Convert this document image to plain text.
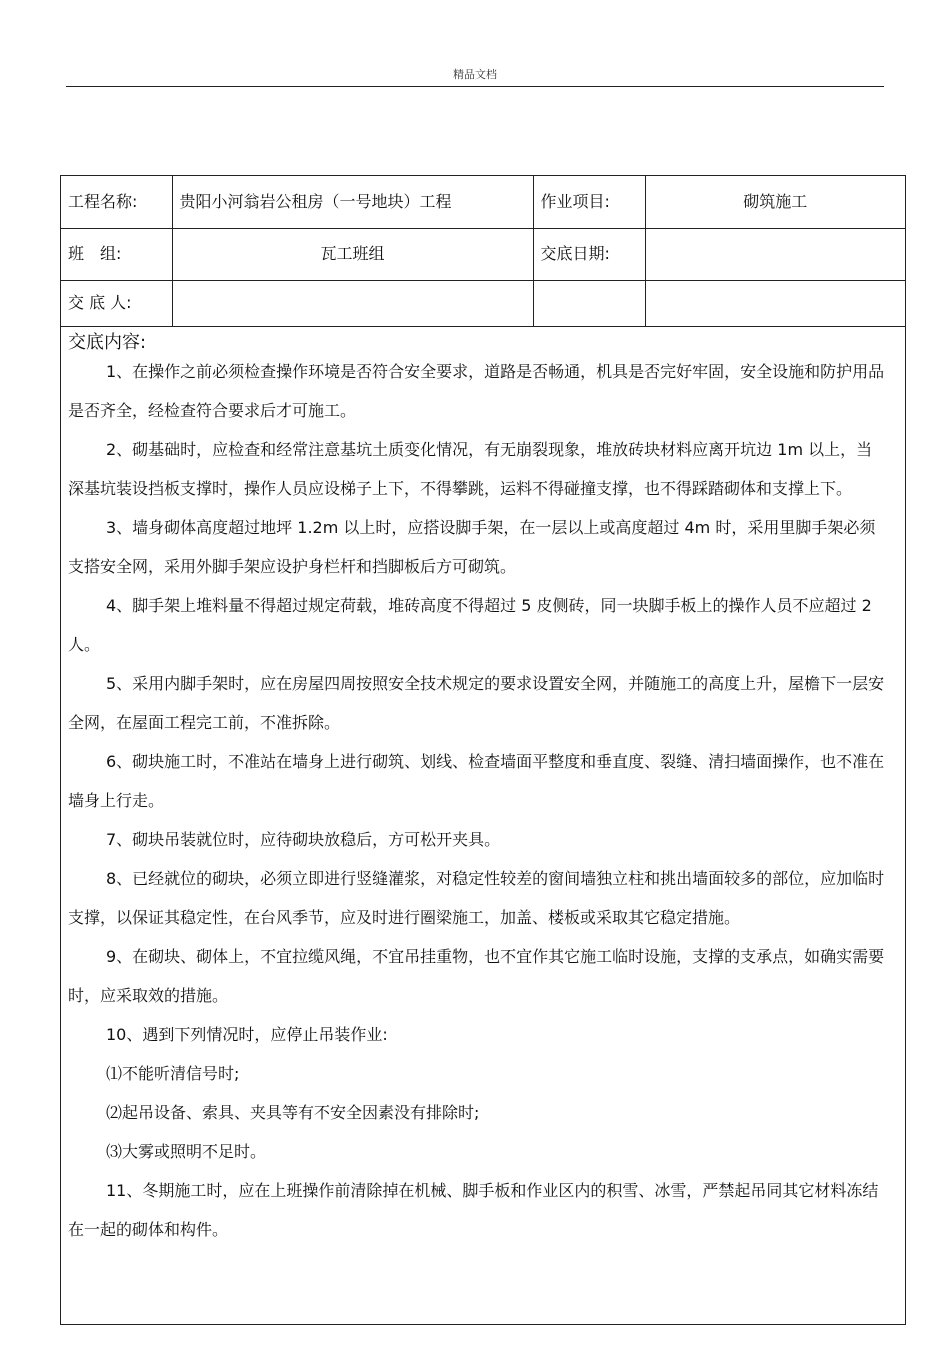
精品文档
工程名称:	贵阳小河翁岩公租房（一号地块）工程	作业项目:	砌筑施工
班　组:	瓦工班组	交底日期:	
交 底 人:			
交底内容:

1、在操作之前必须检查操作环境是否符合安全要求，道路是否畅通，机具是否完好牢固，安全设施和防护用品是否齐全，经检查符合要求后才可施工。

2、砌基础时，应检查和经常注意基坑土质变化情况，有无崩裂现象，堆放砖块材料应离开坑边 1m 以上，当深基坑装设挡板支撑时，操作人员应设梯子上下，不得攀跳，运料不得碰撞支撑，也不得踩踏砌体和支撑上下。

3、墙身砌体高度超过地坪 1.2m 以上时，应搭设脚手架，在一层以上或高度超过 4m 时，采用里脚手架必须支搭安全网，采用外脚手架应设护身栏杆和挡脚板后方可砌筑。

4、脚手架上堆料量不得超过规定荷载，堆砖高度不得超过 5 皮侧砖，同一块脚手板上的操作人员不应超过 2 人。

5、采用内脚手架时，应在房屋四周按照安全技术规定的要求设置安全网，并随施工的高度上升，屋檐下一层安全网，在屋面工程完工前，不准拆除。

6、砌块施工时，不准站在墙身上进行砌筑、划线、检查墙面平整度和垂直度、裂缝、清扫墙面操作，也不准在墙身上行走。

7、砌块吊装就位时，应待砌块放稳后，方可松开夹具。

8、已经就位的砌块，必须立即进行竖缝灌浆，对稳定性较差的窗间墙独立柱和挑出墙面较多的部位，应加临时支撑，以保证其稳定性，在台风季节，应及时进行圈梁施工，加盖、楼板或采取其它稳定措施。

9、在砌块、砌体上，不宜拉缆风绳，不宜吊挂重物，也不宜作其它施工临时设施，支撑的支承点，如确实需要时，应采取效的措施。

10、遇到下列情况时，应停止吊装作业:

⑴不能听清信号时;

⑵起吊设备、索具、夹具等有不安全因素没有排除时;

⑶大雾或照明不足时。

11、冬期施工时，应在上班操作前清除掉在机械、脚手板和作业区内的积雪、冰雪，严禁起吊同其它材料冻结在一起的砌体和构件。
